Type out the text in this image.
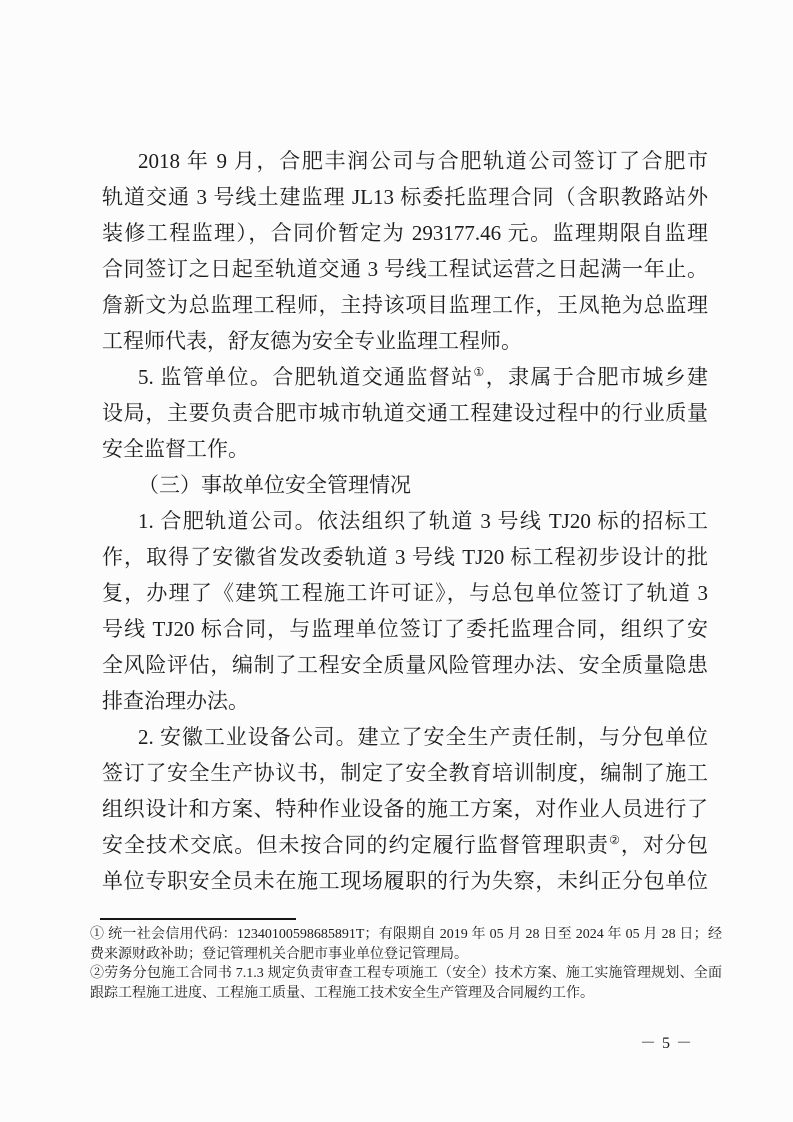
2018 年 9 月，合肥丰润公司与合肥轨道公司签订了合肥市
轨道交通 3 号线土建监理 JL13 标委托监理合同（含职教路站外
装修工程监理），合同价暂定为 293177.46 元。监理期限自监理
合同签订之日起至轨道交通 3 号线工程试运营之日起满一年止。
詹新文为总监理工程师，主持该项目监理工作，王凤艳为总监理
工程师代表，舒友德为安全专业监理工程师。
5. 监管单位。合肥轨道交通监督站①，隶属于合肥市城乡建
设局，主要负责合肥市城市轨道交通工程建设过程中的行业质量
安全监督工作。
（三）事故单位安全管理情况
1. 合肥轨道公司。依法组织了轨道 3 号线 TJ20 标的招标工
作，取得了安徽省发改委轨道 3 号线 TJ20 标工程初步设计的批
复，办理了《建筑工程施工许可证》，与总包单位签订了轨道 3
号线 TJ20 标合同，与监理单位签订了委托监理合同，组织了安
全风险评估，编制了工程安全质量风险管理办法、安全质量隐患
排查治理办法。
2. 安徽工业设备公司。建立了安全生产责任制，与分包单位
签订了安全生产协议书，制定了安全教育培训制度，编制了施工
组织设计和方案、特种作业设备的施工方案，对作业人员进行了
安全技术交底。但未按合同的约定履行监督管理职责②，对分包
单位专职安全员未在施工现场履职的行为失察，未纠正分包单位

① 统一社会信用代码：12340100598685891T；有限期自 2019 年 05 月 28 日至 2024 年 05 月 28 日；经费来源财政补助；登记管理机关合肥市事业单位登记管理局。

②劳务分包施工合同书 7.1.3 规定负责审查工程专项施工（安全）技术方案、施工实施管理规划、全面跟踪工程施工进度、工程施工质量、工程施工技术安全生产管理及合同履约工作。

－ 5 －
